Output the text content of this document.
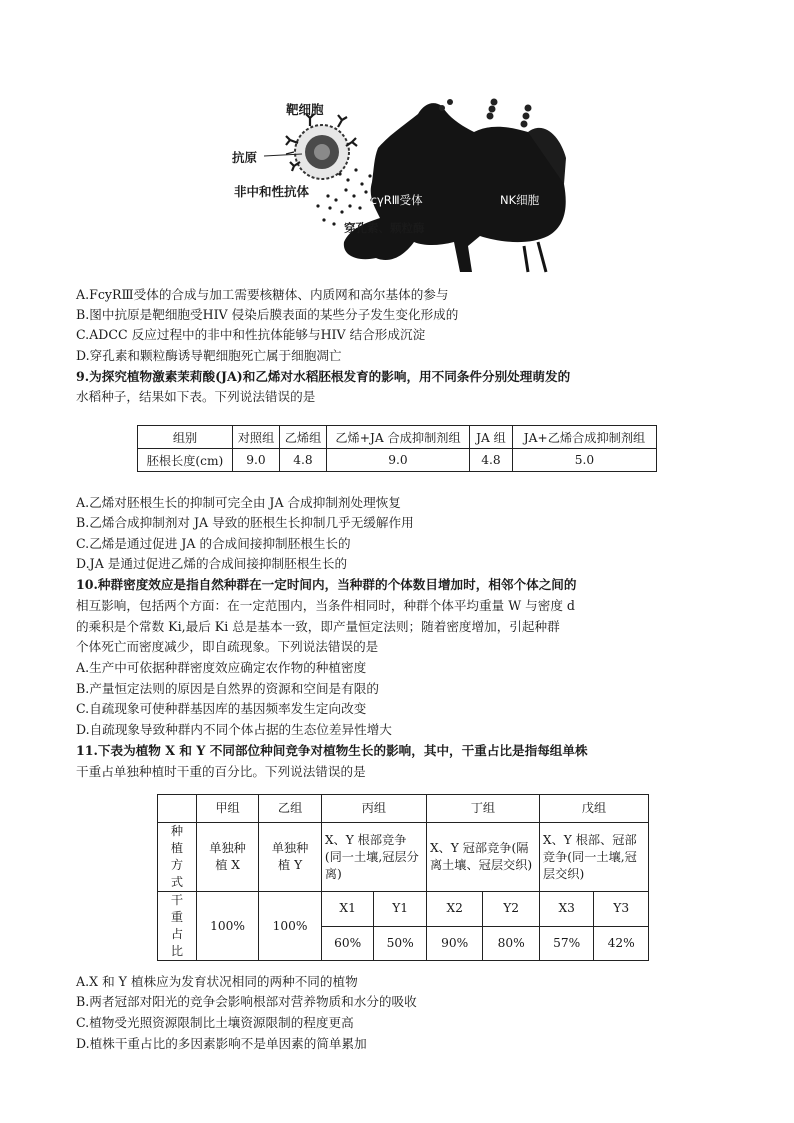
靶细胞
抗原
非中和性抗体
FcγRⅢ受体	NK细胞
穿孔素、颗粒酶
A.FcyRⅢ受体的合成与加工需要核糖体、内质网和高尔基体的参与
B.图中抗原是靶细胞受HIV 侵染后膜表面的某些分子发生变化形成的
C.ADCC 反应过程中的非中和性抗体能够与HIV 结合形成沉淀
D.穿孔素和颗粒酶诱导靶细胞死亡属于细胞凋亡
9.为探究植物激素茉莉酸(JA)和乙烯对水稻胚根发育的影响，用不同条件分别处理萌发的
水稻种子，结果如下表。下列说法错误的是
组别	对照组	乙烯组	乙烯+JA 合成抑制剂组	JA 组	JA+乙烯合成抑制剂组
胚根长度(cm)	9.0	4.8	9.0	4.8	5.0
A.乙烯对胚根生长的抑制可完全由 JA 合成抑制剂处理恢复
B.乙烯合成抑制剂对 JA 导致的胚根生长抑制几乎无缓解作用
C.乙烯是通过促进 JA 的合成间接抑制胚根生长的
D.JA 是通过促进乙烯的合成间接抑制胚根生长的
10.种群密度效应是指自然种群在一定时间内，当种群的个体数目增加时，相邻个体之间的
相互影响，包括两个方面：在一定范围内，当条件相同时，种群个体平均重量 W 与密度 d
的乘积是个常数 Ki,最后 Ki 总是基本一致，即产量恒定法则；随着密度增加，引起种群
个体死亡而密度减少，即自疏现象。下列说法错误的是
A.生产中可依据种群密度效应确定农作物的种植密度
B.产量恒定法则的原因是自然界的资源和空间是有限的
C.自疏现象可使种群基因库的基因频率发生定向改变
D.自疏现象导致种群内不同个体占据的生态位差异性增大
11.下表为植物 X 和 Y 不同部位种间竞争对植物生长的影响，其中，干重占比是指每组单株
干重占单独种植时干重的百分比。下列说法错误的是
	甲组	乙组	丙组		丁组		戊组	
种植方式	单独种植 X	单独种植 Y	X、Y 根部竞争(同一土壤,冠层分离)		X、Y 冠部竞争(隔离土壤、冠层交织)		X、Y 根部、冠部竞争(同一土壤,冠层交织)	
干重占比	100%	100%	X1	Y1	X2	Y2	X3	Y3
			60%	50%	90%	80%	57%	42%
A.X 和 Y 植株应为发育状况相同的两种不同的植物
B.两者冠部对阳光的竞争会影响根部对营养物质和水分的吸收
C.植物受光照资源限制比土壤资源限制的程度更高
D.植株干重占比的多因素影响不是单因素的简单累加
